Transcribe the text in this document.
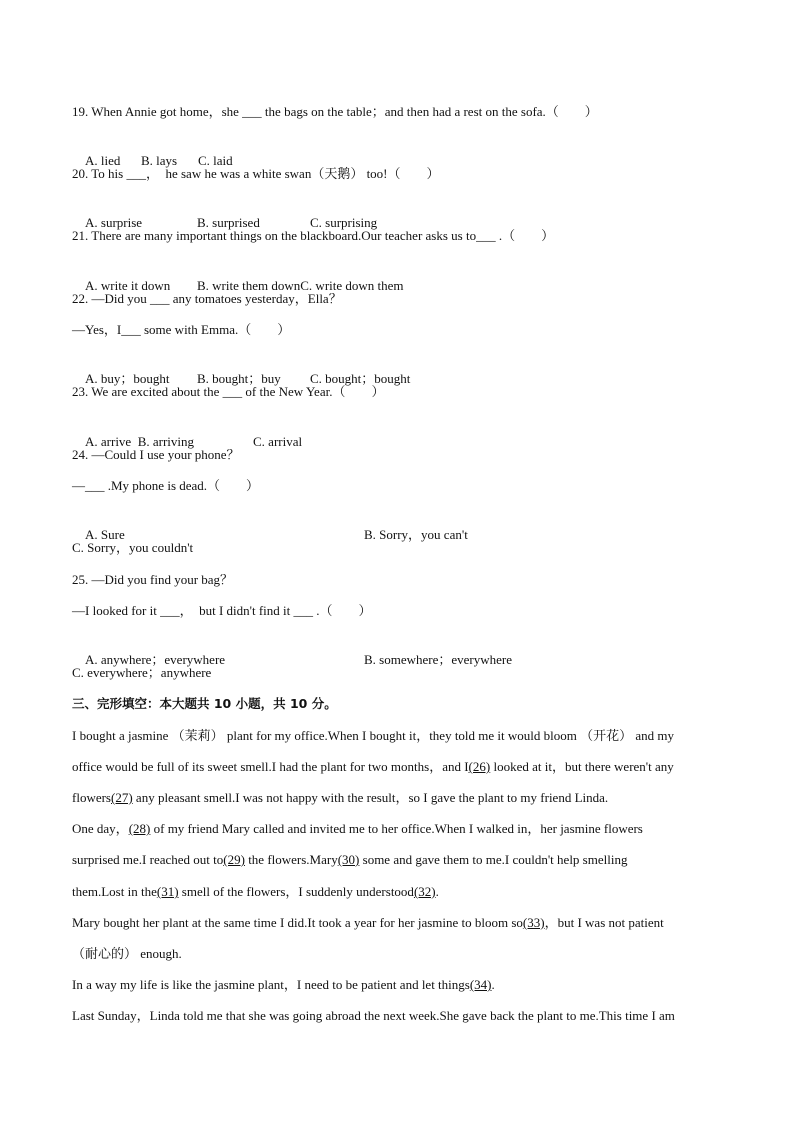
19. When Annie got home，she ___ the bags on the table；and then had a rest on the sofa.（        ）

A. lied B. lays C. laid

20. To his ___，  he saw he was a white swan（天鹅） too!（        ）

A. surprise	B. surprised	C. surprising

21. There are many important things on the blackboard.Our teacher asks us to___ .（        ）

A. write it down B. write them downC. write down them

22. —Did you ___ any tomatoes yesterday，Ella？
—Yes，I___ some with Emma.（        ）

A. buy；bought B. bought；buy C. bought；bought

23. We are excited about the ___ of the New Year.（        ）

A. arrive  B. arriving	C. arrival

24. —Could I use your phone？
—___ .My phone is dead.（        ）

A. Sure	B. Sorry，you can't

C. Sorry，you couldn't
25. —Did you find your bag？
—I looked for it ___，  but I didn't find it ___ .（        ）

A. anywhere；everywhere	B. somewhere；everywhere

C. everywhere；anywhere
三、完形填空：本大题共 10 小题，共 10 分。
I bought a jasmine （茉莉） plant for my office.When I bought it，they told me it would bloom （开花） and my
office would be full of its sweet smell.I had the plant for two months，and I(26) looked at it，but there weren't any
flowers(27) any pleasant smell.I was not happy with the result，so I gave the plant to my friend Linda.
One day，(28) of my friend Mary called and invited me to her office.When I walked in，her jasmine flowers
surprised me.I reached out to(29) the flowers.Mary(30) some and gave them to me.I couldn't help smelling
them.Lost in the(31) smell of the flowers，I suddenly understood(32).
Mary bought her plant at the same time I did.It took a year for her jasmine to bloom so(33)，but I was not patient
（耐心的） enough.
In a way my life is like the jasmine plant，I need to be patient and let things(34).
Last Sunday，Linda told me that she was going abroad the next week.She gave back the plant to me.This time I am
